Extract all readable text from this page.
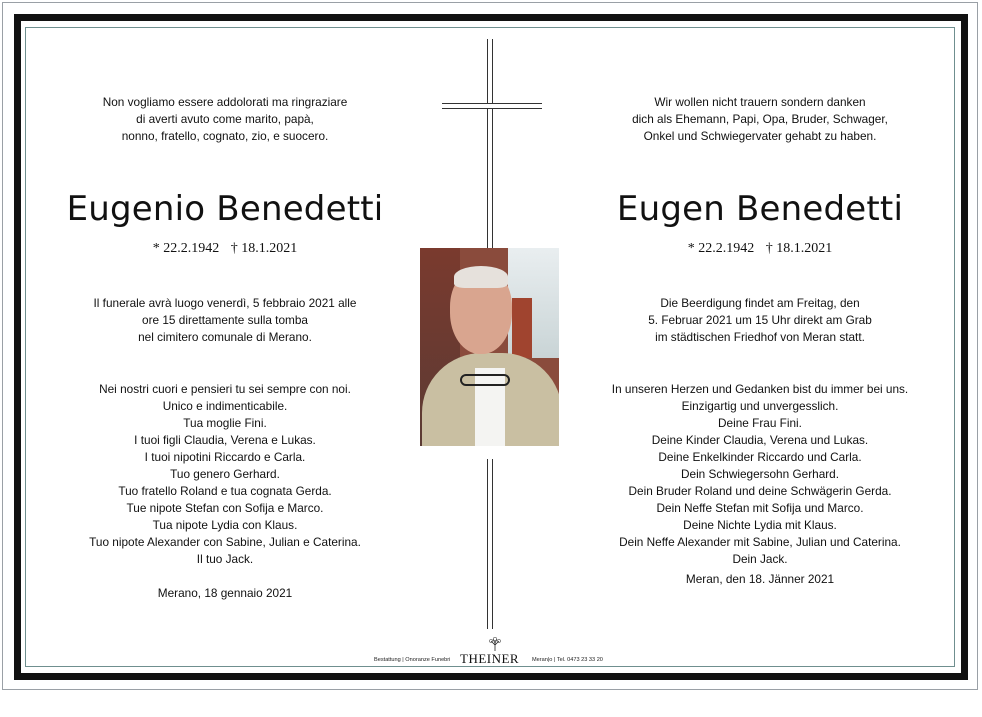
Non vogliamo essere addolorati ma ringraziare
di averti avuto come marito, papà,
nonno, fratello, cognato, zio, e suocero.
Eugenio Benedetti
* 22.2.1942 † 18.1.2021
Il funerale avrà luogo venerdì, 5 febbraio 2021 alle
ore 15 direttamente sulla tomba
nel cimitero comunale di Merano.
Nei nostri cuori e pensieri tu sei sempre con noi.
Unico e indimenticabile.
Tua moglie Fini.
I tuoi figli Claudia, Verena e Lukas.
I tuoi nipotini Riccardo e Carla.
Tuo genero Gerhard.
Tuo fratello Roland e tua cognata Gerda.
Tue nipote Stefan con Sofija e Marco.
Tua nipote Lydia con Klaus.
Tuo nipote Alexander con Sabine, Julian e Caterina.
Il tuo Jack.
Merano, 18 gennaio 2021
Wir wollen nicht trauern sondern danken
dich als Ehemann, Papi, Opa, Bruder, Schwager,
Onkel und Schwiegervater gehabt zu haben.
Eugen Benedetti
* 22.2.1942 † 18.1.2021
Die Beerdigung findet am Freitag, den
5. Februar 2021 um 15 Uhr direkt am Grab
im städtischen Friedhof von Meran statt.
In unseren Herzen und Gedanken bist du immer bei uns.
Einzigartig und unvergesslich.
Deine Frau Fini.
Deine Kinder Claudia, Verena und Lukas.
Deine Enkelkinder Riccardo und Carla.
Dein Schwiegersohn Gerhard.
Dein Bruder Roland und deine Schwägerin Gerda.
Dein Neffe Stefan mit Sofija und Marco.
Deine Nichte Lydia mit Klaus.
Dein Neffe Alexander mit Sabine, Julian und Caterina.
Dein Jack.
Meran, den 18. Jänner 2021
Bestattung | Onoranze Funebri THEINER Meran|o | Tel. 0473 23 33 20
